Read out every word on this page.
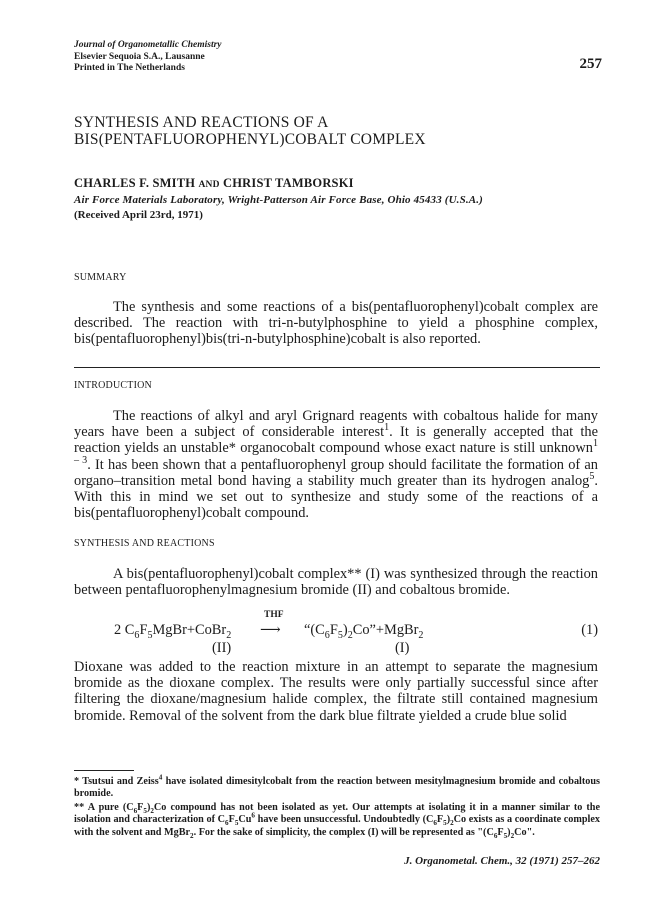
Journal of Organometallic Chemistry
Elsevier Sequoia S.A., Lausanne
Printed in The Netherlands	257
SYNTHESIS AND REACTIONS OF A
BIS(PENTAFLUOROPHENYL)COBALT COMPLEX
CHARLES F. SMITH AND CHRIST TAMBORSKI
Air Force Materials Laboratory, Wright-Patterson Air Force Base, Ohio 45433 (U.S.A.)
(Received April 23rd, 1971)
SUMMARY

The synthesis and some reactions of a bis(pentafluorophenyl)cobalt complex are described. The reaction with tri-n-butylphosphine to yield a phosphine complex, bis(pentafluorophenyl)bis(tri-n-butylphosphine)cobalt is also reported.

INTRODUCTION

The reactions of alkyl and aryl Grignard reagents with cobaltous halide for many years have been a subject of considerable interest$^1$. It is generally accepted that the reaction yields an unstable* organocobalt compound whose exact nature is still unknown$^{1 - 3}$. It has been shown that a pentafluorophenyl group should facilitate the formation of an organo–transition metal bond having a stability much greater than its hydrogen analog$^5$. With this in mind we set out to synthesize and study some of the reactions of a bis(pentafluorophenyl)cobalt compound.

SYNTHESIS AND REACTIONS

A bis(pentafluorophenyl)cobalt complex** (I) was synthesized through the reaction between pentafluorophenylmagnesium bromide (II) and cobaltous bromide.

2 $C_6F_5MgBr+CoBr_2$
THF
⟶ “$(C_6F_5)_2Co”+MgBr_2$	(1)
(II)	(I)

Dioxane was added to the reaction mixture in an attempt to separate the magnesium bromide as the dioxane complex. The results were only partially successful since after filtering the dioxane/magnesium halide complex, the filtrate still contained magnesium bromide. Removal of the solvent from the dark blue filtrate yielded a crude blue solid

* Tsutsui and Zeiss$^4$ have isolated dimesitylcobalt from the reaction between mesitylmagnesium bromide and cobaltous bromide.

** A pure $(C_6F_5)_2Co$ compound has not been isolated as yet. Our attempts at isolating it in a manner similar to the isolation and characterization of $C_6F_5Cu^6$ have been unsuccessful. Undoubtedly $(C_6F_5)_2Co$ exists as a coordinate complex with the solvent and MgBr$_2$. For the sake of simplicity, the complex (I) will be represented as "$(C_6F_5)_2Co$".

J. Organometal. Chem., 32 (1971) 257–262
